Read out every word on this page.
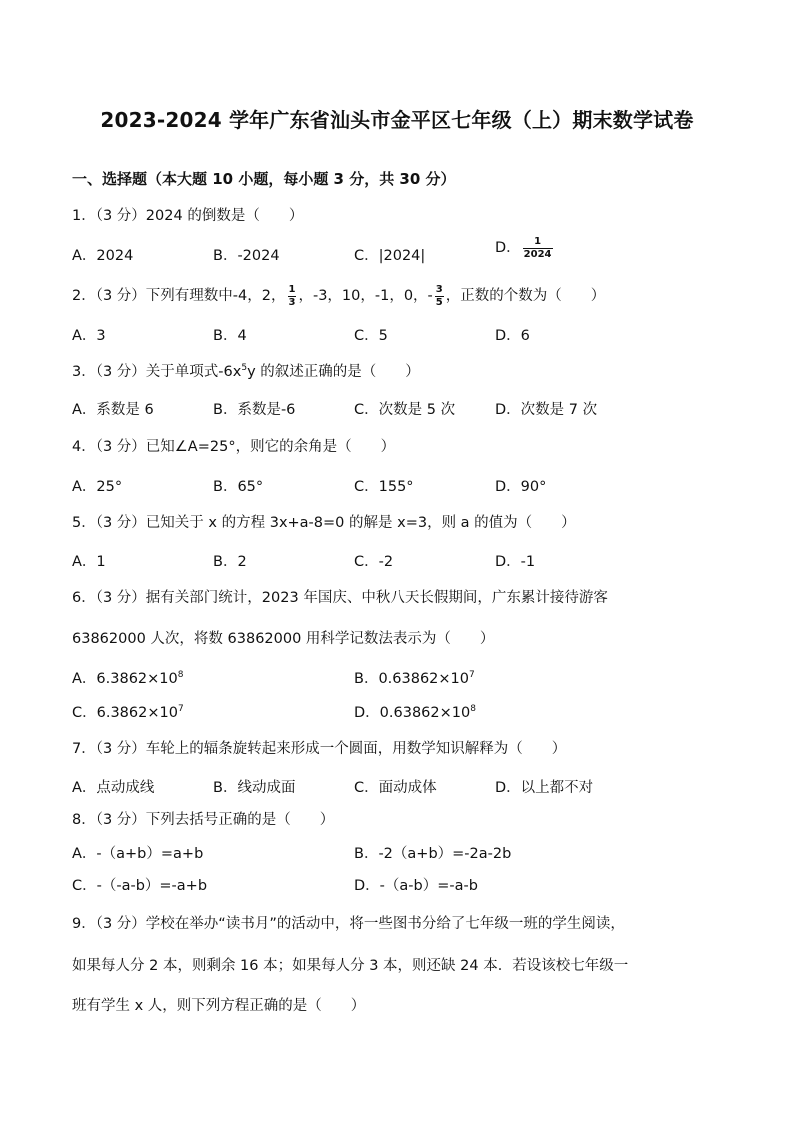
2023-2024 学年广东省汕头市金平区七年级（上）期末数学试卷
一、选择题（本大题 10 小题，每小题 3 分，共 30 分）
1．（3 分）2024 的倒数是（　　）
A．2024	B．-2024	C．|2024|	D． $\frac{1}{2024}$
2．（3 分）下列有理数中-4，2， $\frac{1}{3}$ ，-3，10，-1，0，- $\frac{3}{5}$ ，正数的个数为（　　）
A．3	B．4	C．5	D．6
3．（3 分）关于单项式$-6x^5y$ 的叙述正确的是（　　）
A．系数是 6	B．系数是-6	C．次数是 5 次	D．次数是 7 次
4．（3 分）已知∠A=25°，则它的余角是（　　）
A．25°	B．65°	C．155°	D．90°
5．（3 分）已知关于 x 的方程 3x+a-8=0 的解是 x=3，则 a 的值为（　　）
A．1	B．2	C．-2	D．-1
6．（3 分）据有关部门统计，2023 年国庆、中秋八天长假期间，广东累计接待游客
63862000 人次，将数 63862000 用科学记数法表示为（　　）
A．$6.3862\times 10^8$	B．$0.63862\times 10^7$
C．$6.3862\times 10^7$	D．$0.63862\times 10^8$
7．（3 分）车轮上的辐条旋转起来形成一个圆面，用数学知识解释为（　　）
A．点动成线	B．线动成面	C．面动成体	D．以上都不对
8．（3 分）下列去括号正确的是（　　）
A．-（a+b）=a+b	B．-2（a+b）=-2a-2b
C．-（-a-b）=-a+b	D．-（a-b）=-a-b
9．（3 分）学校在举办“读书月”的活动中，将一些图书分给了七年级一班的学生阅读，
如果每人分 2 本，则剩余 16 本；如果每人分 3 本，则还缺 24 本．若设该校七年级一
班有学生 x 人，则下列方程正确的是（　　）
